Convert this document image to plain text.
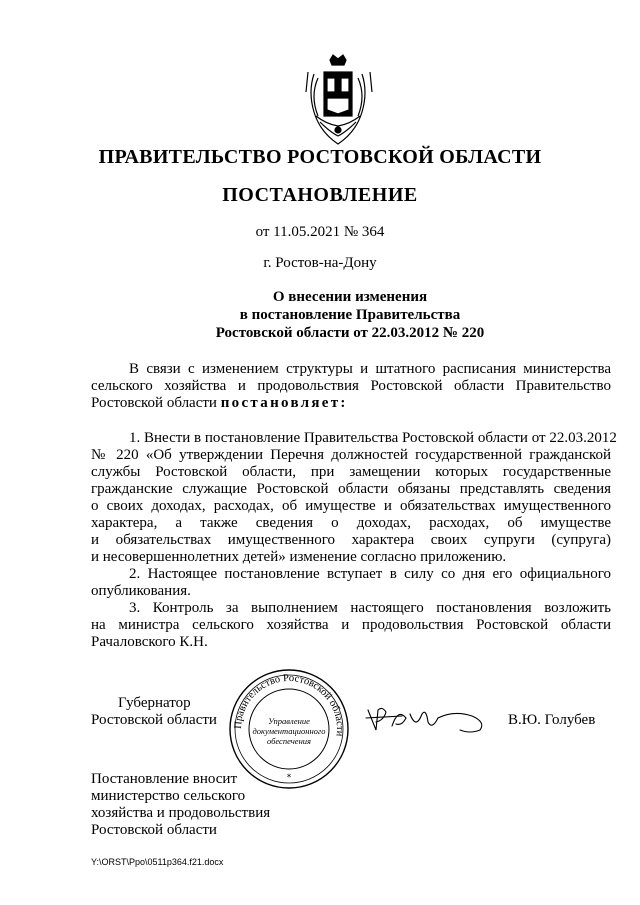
ПРАВИТЕЛЬСТВО РОСТОВСКОЙ ОБЛАСТИ
ПОСТАНОВЛЕНИЕ
от 11.05.2021 № 364
г. Ростов-на-Дону
О внесении изменения
в постановление Правительства
Ростовской области от 22.03.2012 № 220
В связи с изменением структуры и штатного расписания министерства
сельского хозяйства и продовольствия Ростовской области Правительство
Ростовской области постановляет:
1. Внести в постановление Правительства Ростовской области от 22.03.2012
№ 220 «Об утверждении Перечня должностей государственной гражданской
службы Ростовской области, при замещении которых государственные
гражданские служащие Ростовской области обязаны представлять сведения
о своих доходах, расходах, об имуществе и обязательствах имущественного
характера, а также сведения о доходах, расходах, об имуществе
и обязательствах имущественного характера своих супруги (супруга)
и несовершеннолетних детей» изменение согласно приложению.
2. Настоящее постановление вступает в силу со дня его официального
опубликования.
3. Контроль за выполнением настоящего постановления возложить
на министра сельского хозяйства и продовольствия Ростовской области
Рачаловского К.Н.
Губернатор
Ростовской области	В.Ю. Голубев
Правительство Ростовской области
Управление
документационного
обеспечения
*
Постановление вносит
министерство сельского
хозяйства и продовольствия
Ростовской области
Y:\ORST\Ppo\0511p364.f21.docx
